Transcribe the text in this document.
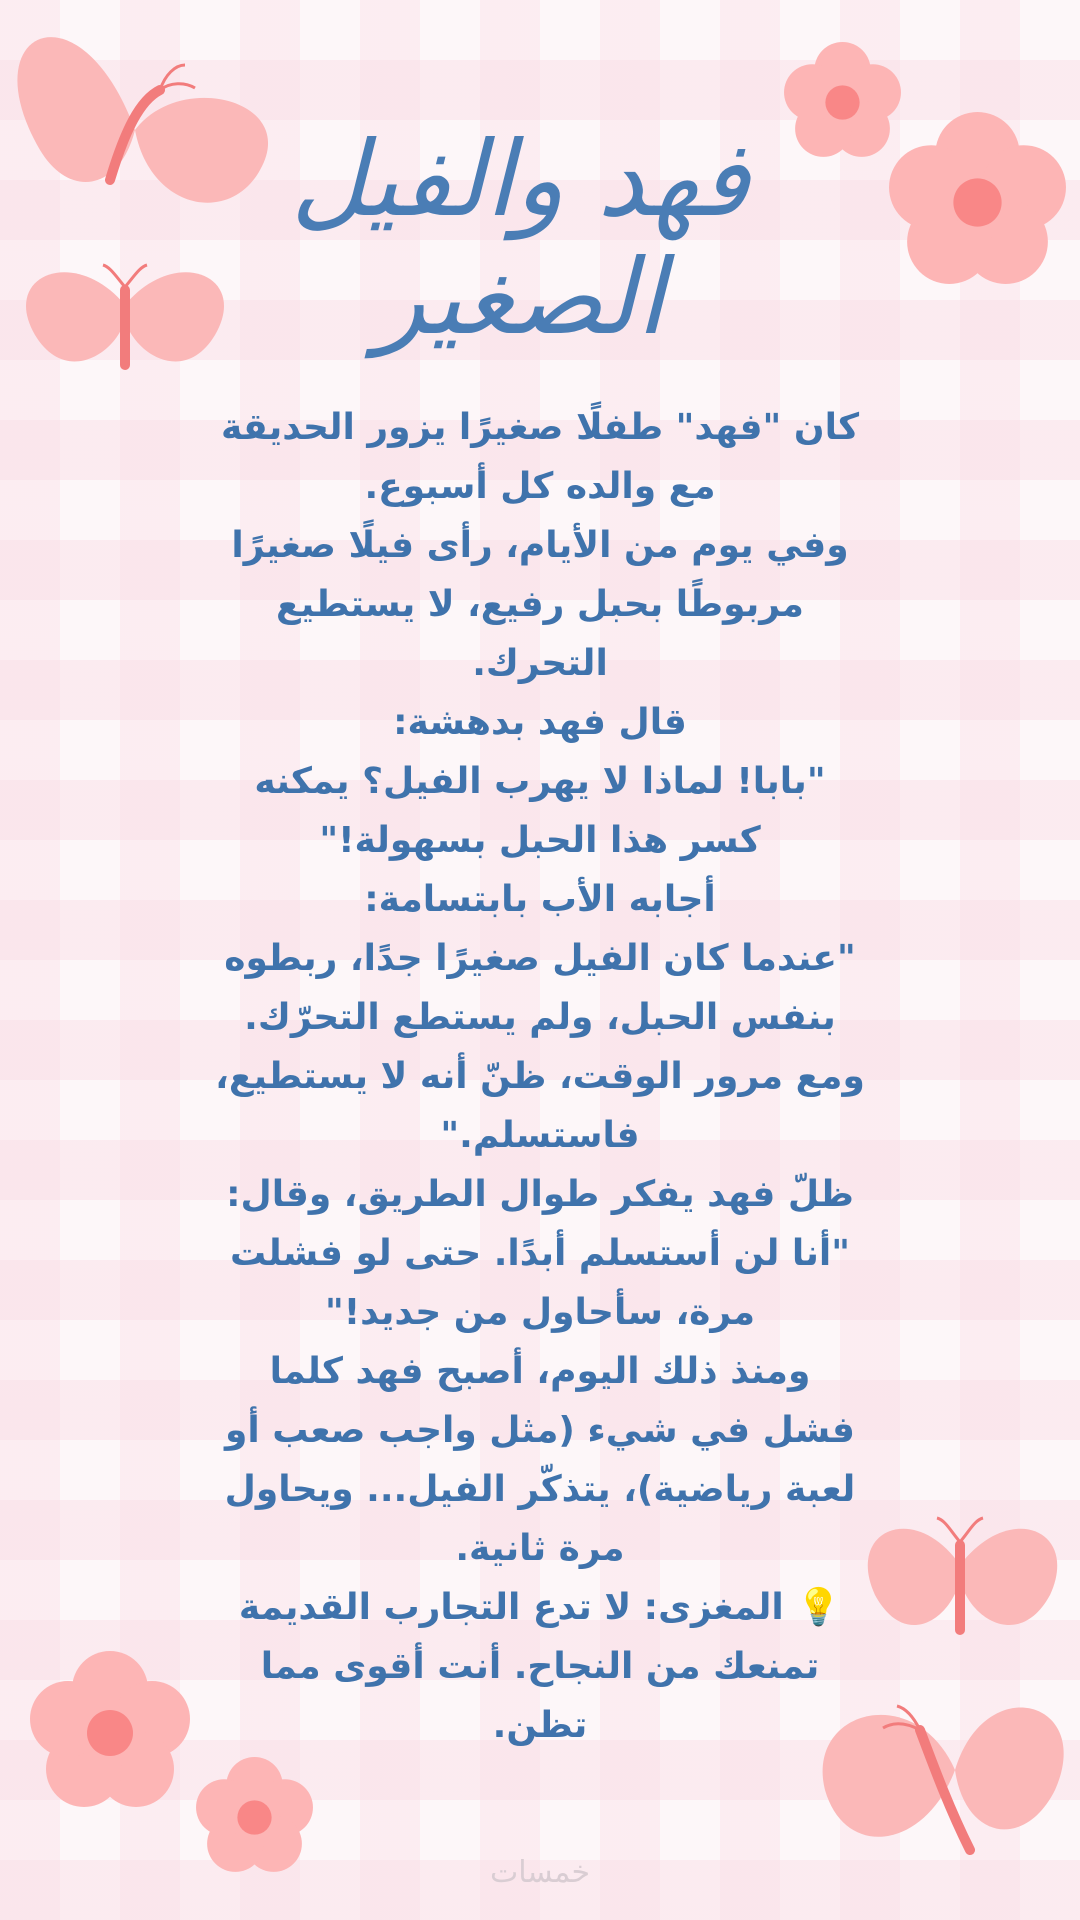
فهد والفيل
الصغير
كان "فهد" طفلًا صغيرًا يزور الحديقة
مع والده كل أسبوع.
وفي يوم من الأيام، رأى فيلًا صغيرًا
مربوطًا بحبل رفيع، لا يستطيع
التحرك.
قال فهد بدهشة:
"بابا! لماذا لا يهرب الفيل؟ يمكنه
كسر هذا الحبل بسهولة!"
أجابه الأب بابتسامة:
"عندما كان الفيل صغيرًا جدًا، ربطوه
بنفس الحبل، ولم يستطع التحرّك.
ومع مرور الوقت، ظنّ أنه لا يستطيع،
فاستسلم."
ظلّ فهد يفكر طوال الطريق، وقال:
"أنا لن أستسلم أبدًا. حتى لو فشلت
مرة، سأحاول من جديد!"
ومنذ ذلك اليوم، أصبح فهد كلما
فشل في شيء (مثل واجب صعب أو
لعبة رياضية)، يتذكّر الفيل... ويحاول
مرة ثانية.
💡 المغزى: لا تدع التجارب القديمة
تمنعك من النجاح. أنت أقوى مما
تظن.
خمسات
